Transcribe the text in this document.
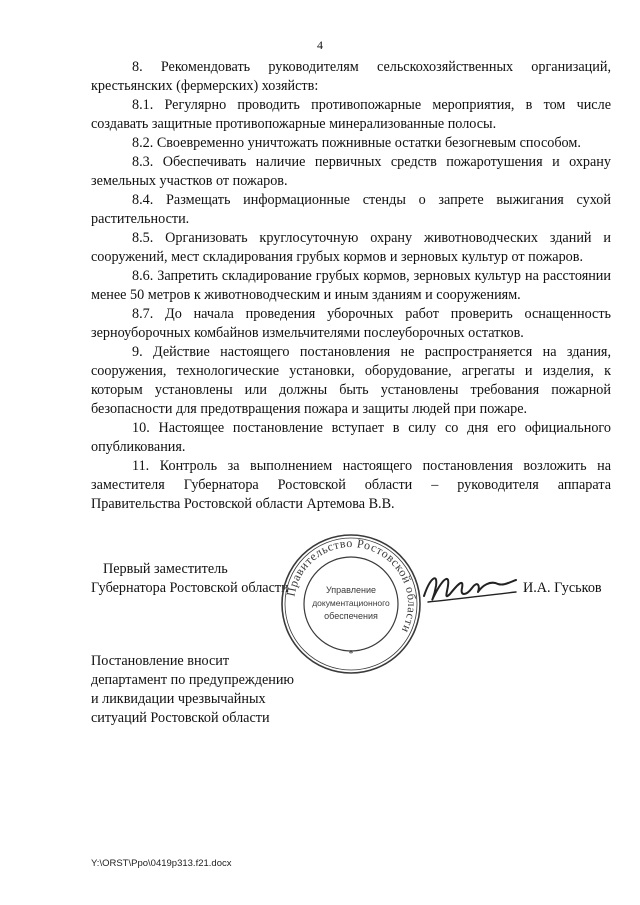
4

8. Рекомендовать руководителям сельскохозяйственных организаций, крестьянских (фермерских) хозяйств:

8.1. Регулярно проводить противопожарные мероприятия, в том числе создавать защитные противопожарные минерализованные полосы.

8.2. Своевременно уничтожать пожнивные остатки безогневым способом.

8.3. Обеспечивать наличие первичных средств пожаротушения и охрану земельных участков от пожаров.

8.4. Размещать информационные стенды о запрете выжигания сухой растительности.

8.5. Организовать круглосуточную охрану животноводческих зданий и сооружений, мест складирования грубых кормов и зерновых культур от пожаров.

8.6. Запретить складирование грубых кормов, зерновых культур на расстоянии менее 50 метров к животноводческим и иным зданиям и сооружениям.

8.7. До начала проведения уборочных работ проверить оснащенность зерноуборочных комбайнов измельчителями послеуборочных остатков.

9. Действие настоящего постановления не распространяется на здания, сооружения, технологические установки, оборудование, агрегаты и изделия, к которым установлены или должны быть установлены требования пожарной безопасности для предотвращения пожара и защиты людей при пожаре.

10. Настоящее постановление вступает в силу со дня его официального опубликования.

11. Контроль за выполнением настоящего постановления возложить на заместителя Губернатора Ростовской области – руководителя аппарата Правительства Ростовской области Артемова В.В.

Первый заместитель
Губернатора Ростовской области
Правительство Ростовской области
*
Управление
документационного
обеспечения
И.А. Гуськов
Постановление вносит
департамент по предупреждению
и ликвидации чрезвычайных
ситуаций Ростовской области
Y:\ORST\Ppo\0419p313.f21.docx
